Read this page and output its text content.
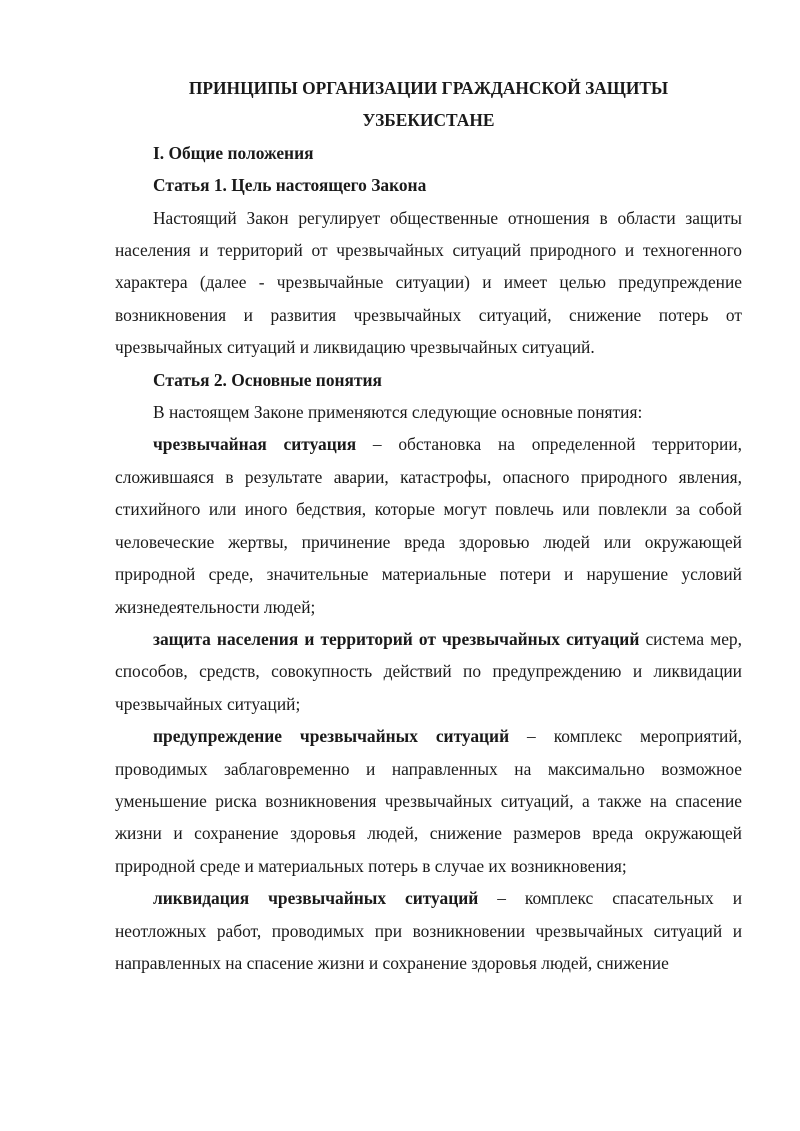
ПРИНЦИПЫ ОРГАНИЗАЦИИ ГРАЖДАНСКОЙ ЗАЩИТЫ
УЗБЕКИСТАНЕ

I. Общие положения

Статья 1. Цель настоящего Закона

Настоящий Закон регулирует общественные отношения в области защиты населения и территорий от чрезвычайных ситуаций природного и техногенного характера (далее - чрезвычайные ситуации) и имеет целью предупреждение возникновения и развития чрезвычайных ситуаций, снижение потерь от чрезвычайных ситуаций и ликвидацию чрезвычайных ситуаций.

Статья 2. Основные понятия

В настоящем Законе применяются следующие основные понятия:

чрезвычайная ситуация – обстановка на определенной территории, сложившаяся в результате аварии, катастрофы, опасного природного явления, стихийного или иного бедствия, которые могут повлечь или повлекли за собой человеческие жертвы, причинение вреда здоровью людей или окружающей природной среде, значительные материальные потери и нарушение условий жизнедеятельности людей;

защита населения и территорий от чрезвычайных ситуаций система мер, способов, средств, совокупность действий по предупреждению и ликвидации чрезвычайных ситуаций;

предупреждение чрезвычайных ситуаций – комплекс мероприятий, проводимых заблаговременно и направленных на максимально возможное уменьшение риска возникновения чрезвычайных ситуаций, а также на спасение жизни и сохранение здоровья людей, снижение размеров вреда окружающей природной среде и материальных потерь в случае их возникновения;

ликвидация чрезвычайных ситуаций – комплекс спасательных и неотложных работ, проводимых при возникновении чрезвычайных ситуаций и направленных на спасение жизни и сохранение здоровья людей, снижение
